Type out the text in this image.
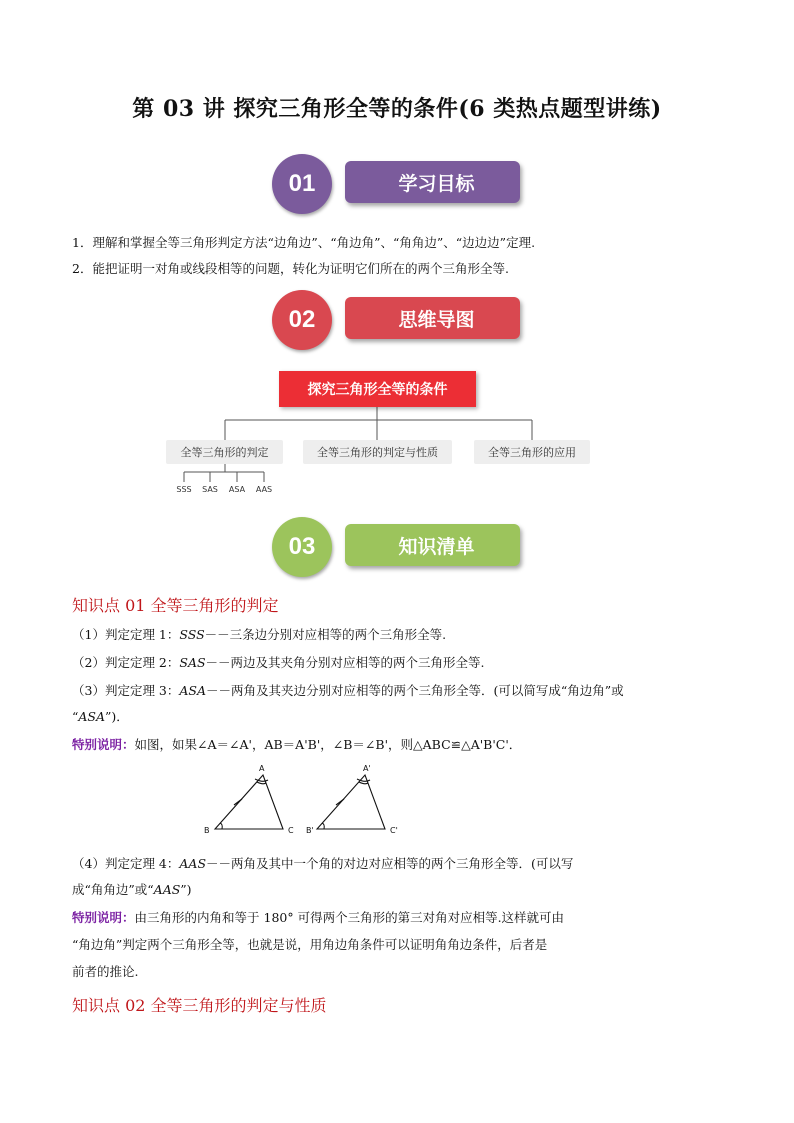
第 03 讲 探究三角形全等的条件(6 类热点题型讲练)
学习目标
01
1．理解和掌握全等三角形判定方法“边角边”、“角边角”、“角角边”、“边边边”定理.
2．能把证明一对角或线段相等的问题，转化为证明它们所在的两个三角形全等.
思维导图
02
探究三角形全等的条件
全等三角形的判定	全等三角形的判定与性质	全等三角形的应用
SSS	SAS	ASA	AAS
知识清单
03
知识点 01 全等三角形的判定
（1）判定定理 1：SSS－－三条边分别对应相等的两个三角形全等.
（2）判定定理 2：SAS－－两边及其夹角分别对应相等的两个三角形全等.
（3）判定定理 3：ASA－－两角及其夹边分别对应相等的两个三角形全等．(可以简写成“角边角”或
“ASA”)．
特别说明：如图，如果∠A＝∠A'，AB＝A'B'，∠B＝∠B'，则△ABC≌△A'B'C'．
A
B	C
A'
B'	C'
（4）判定定理 4：AAS－－两角及其中一个角的对边对应相等的两个三角形全等．(可以写
成“角角边”或“AAS”)
特别说明：由三角形的内角和等于 180° 可得两个三角形的第三对角对应相等.这样就可由
“角边角”判定两个三角形全等，也就是说，用角边角条件可以证明角角边条件，后者是
前者的推论.
知识点 02 全等三角形的判定与性质
